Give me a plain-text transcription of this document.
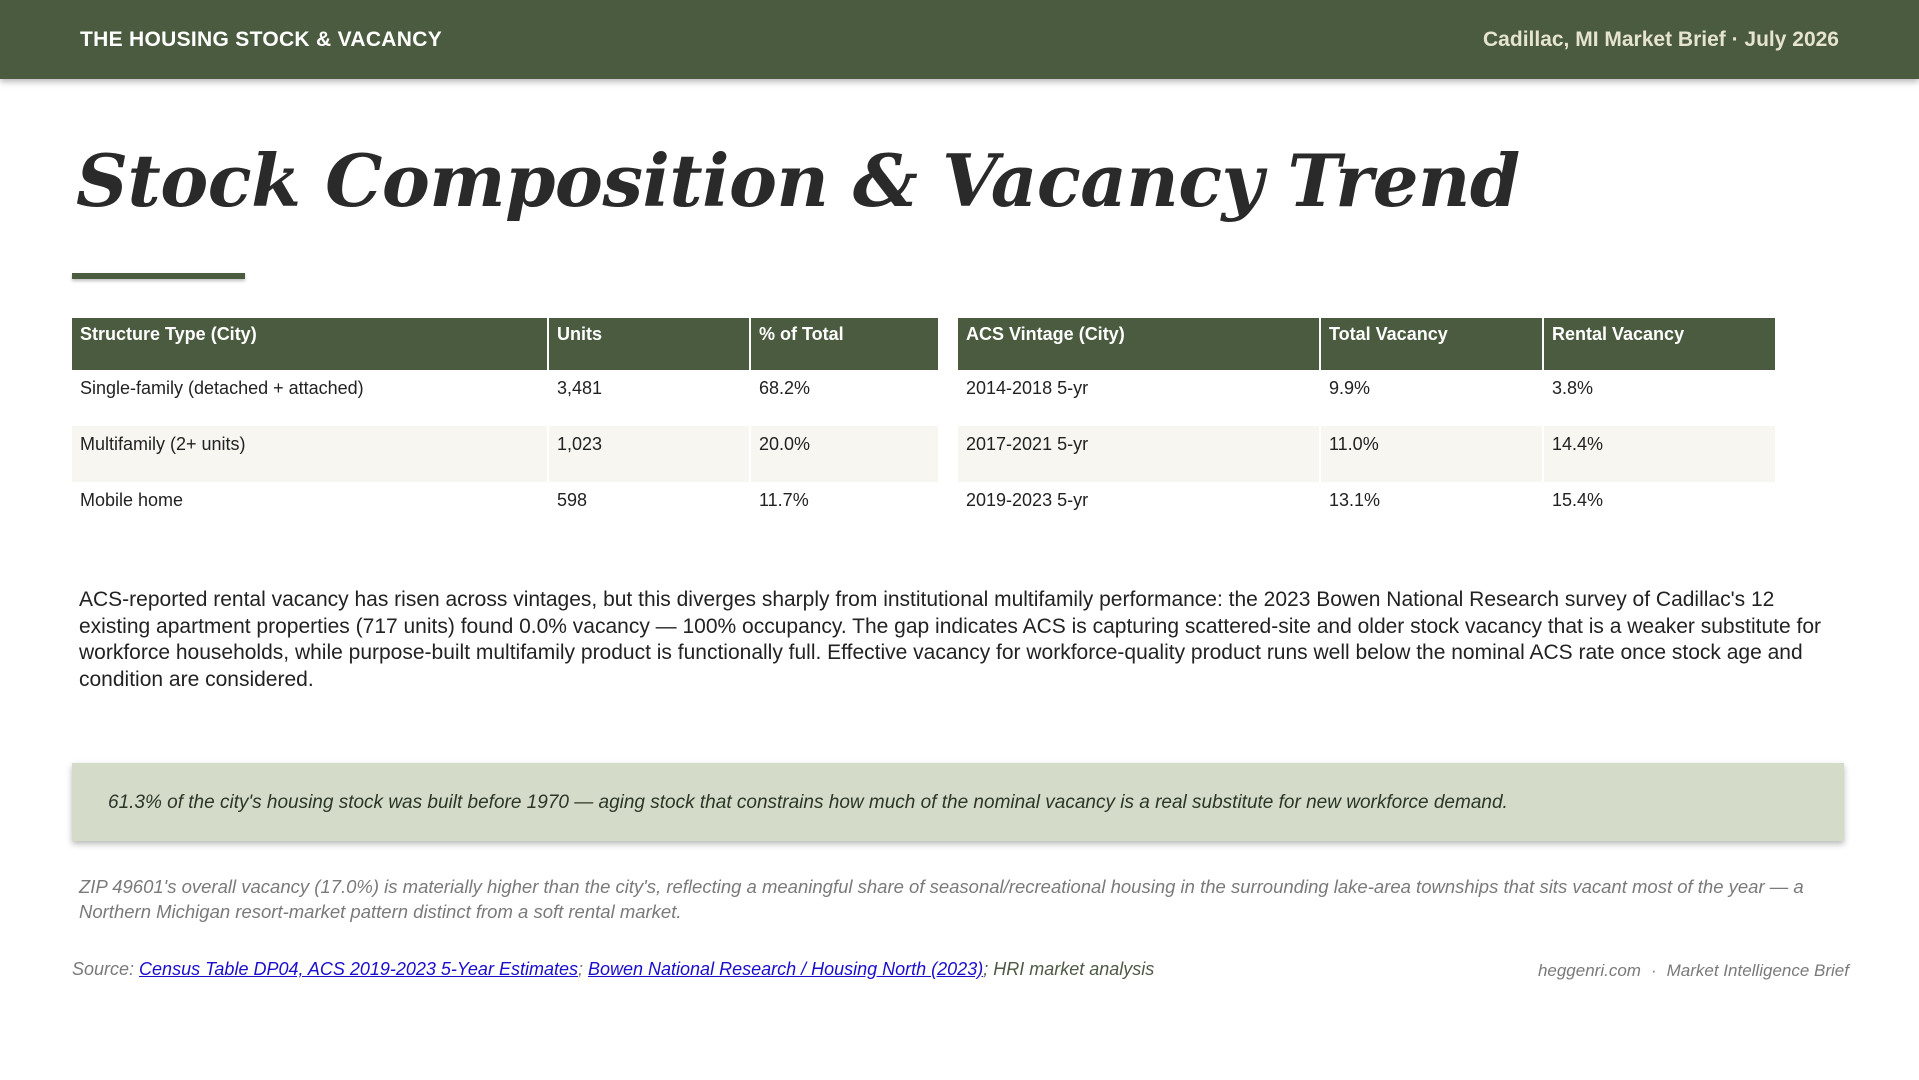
THE HOUSING STOCK & VACANCY	Cadillac, MI Market Brief · July 2026
Stock Composition & Vacancy Trend
Structure Type (City)	Units	% of Total
Single-family (detached + attached)	3,481	68.2%
Multifamily (2+ units)	1,023	20.0%
Mobile home	598	11.7%
ACS Vintage (City)	Total Vacancy	Rental Vacancy
2014-2018 5-yr	9.9%	3.8%
2017-2021 5-yr	11.0%	14.4%
2019-2023 5-yr	13.1%	15.4%

ACS-reported rental vacancy has risen across vintages, but this diverges sharply from institutional multifamily performance: the 2023 Bowen National Research survey of Cadillac's 12 existing apartment properties (717 units) found 0.0% vacancy — 100% occupancy. The gap indicates ACS is capturing scattered-site and older stock vacancy that is a weaker substitute for workforce households, while purpose-built multifamily product is functionally full. Effective vacancy for workforce-quality product runs well below the nominal ACS rate once stock age and condition are considered.

61.3% of the city's housing stock was built before 1970 — aging stock that constrains how much of the nominal vacancy is a real substitute for new workforce demand.

ZIP 49601's overall vacancy (17.0%) is materially higher than the city's, reflecting a meaningful share of seasonal/recreational housing in the surrounding lake-area townships that sits vacant most of the year — a Northern Michigan resort-market pattern distinct from a soft rental market.

Source: Census Table DP04, ACS 2019-2023 5-Year Estimates; Bowen National Research / Housing North (2023); HRI market analysis	heggenri.com · Market Intelligence Brief
